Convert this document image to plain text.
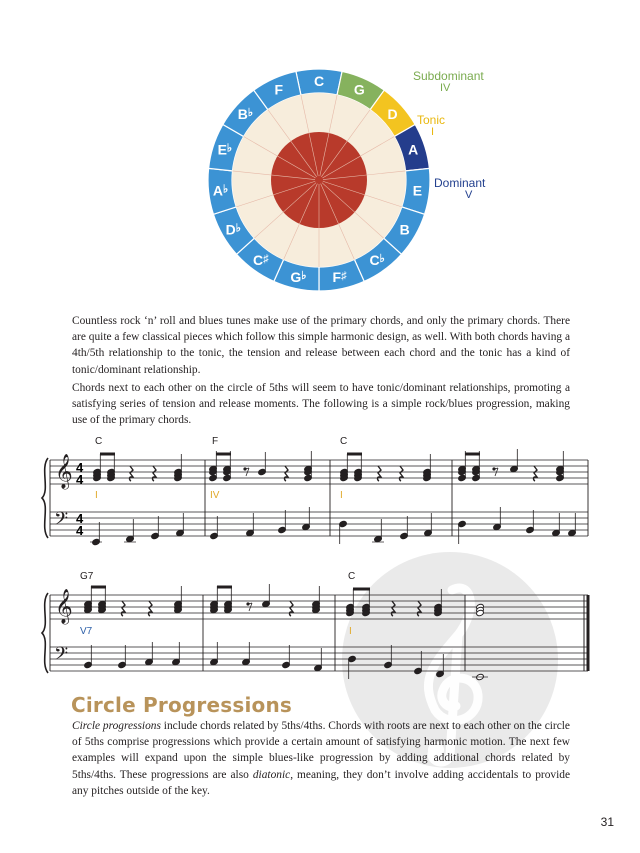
C
G
D
A
E
B
C♭
F♯
G♭
C♯
D♭
A♭
E♭
B♭
F
Subdominant
IV
Tonic
I
Dominant
V

Countless rock ‘n’ roll and blues tunes make use of the primary chords, and only the primary chords. There are quite a few classical pieces which follow this simple harmonic design, as well. With both chords having a 4th/5th relationship to the tonic, the tension and release between each chord and the tonic has a kind of tonic/dominant relationship.

Chords next to each other on the circle of 5ths will seem to have tonic/dominant relationships, promoting a satisfying series of tension and release moments. The following is a simple rock/blues progression, making use of the primary chords.

𝄞
𝄢
C	F	C
I	IV	I
4
4
4
4
𝄞
𝄢
G7	C
V7	I
Circle Progressions

Circle progressions include chords related by 5ths/4ths. Chords with roots are next to each other on the circle of 5ths comprise progressions which provide a certain amount of satisfying harmonic motion. The next few examples will expand upon the simple blues-like progression by adding additional chords related by 5ths/4ths. These progressions are also diatonic, meaning, they don’t involve adding accidentals to provide any pitches outside of the key.

31
